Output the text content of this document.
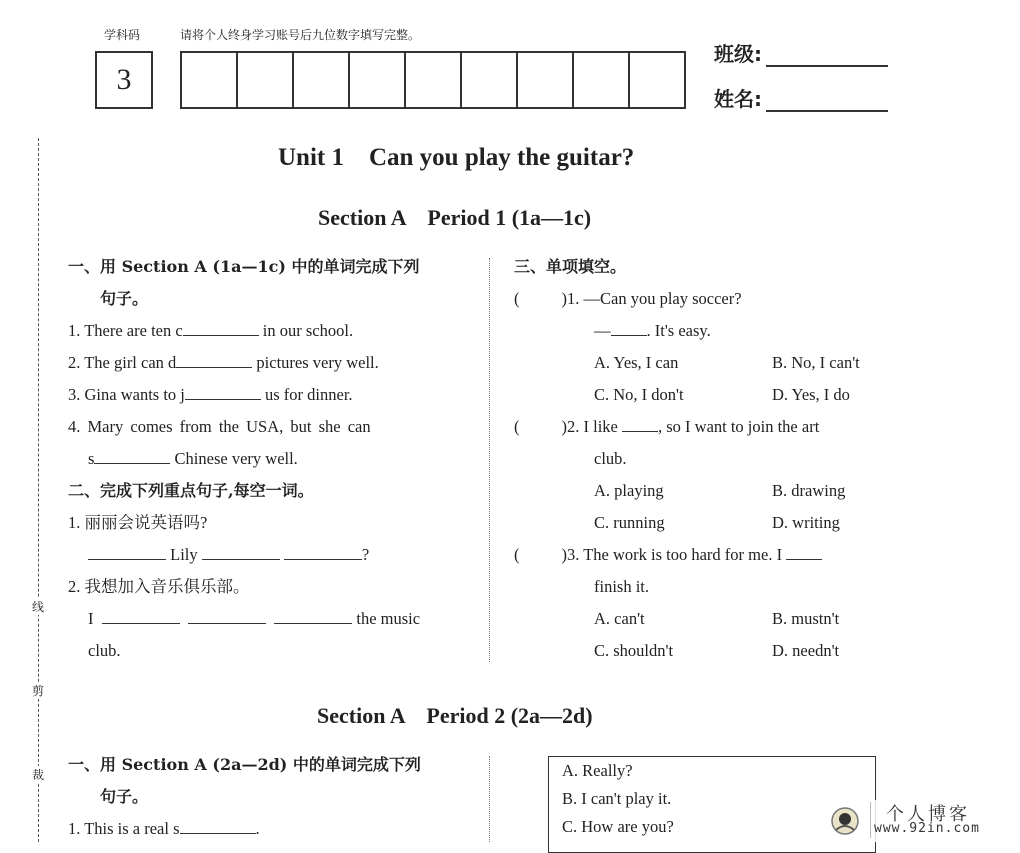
学科码	请将个人终身学习账号后九位数字填写完整。
3
班级:
姓名:
线
剪
裁
Unit 1    Can you play the guitar?
Section A    Period 1 (1a—1c)
一、用 Section A (1a—1c) 中的单词完成下列
句子。
1. There are ten c	in our school.
2. The girl can d	pictures very well.
3. Gina wants to j	us for dinner.
4. Mary comes from the USA, but she can
s	Chinese very well.
二、完成下列重点句子,每空一词。
1. 丽丽会说英语吗?
Lily	?
2. 我想加入音乐俱乐部。
I	the music
club.
三、单项填空。
(	)1. —Can you play soccer?
— . It's easy.
A. Yes, I can	B. No, I can't
C. No, I don't	D. Yes, I do
(	)2. I like , so I want to join the art
club.
A. playing	B. drawing
C. running	D. writing
(	)3. The work is too hard for me. I
finish it.
A. can't	B. mustn't
C. shouldn't	D. needn't
Section A    Period 2 (2a—2d)
一、用 Section A (2a—2d) 中的单词完成下列
句子。
1. This is a real s	.
A. Really?
B. I can't play it.
C. How are you?
个人博客
www.92in.com
